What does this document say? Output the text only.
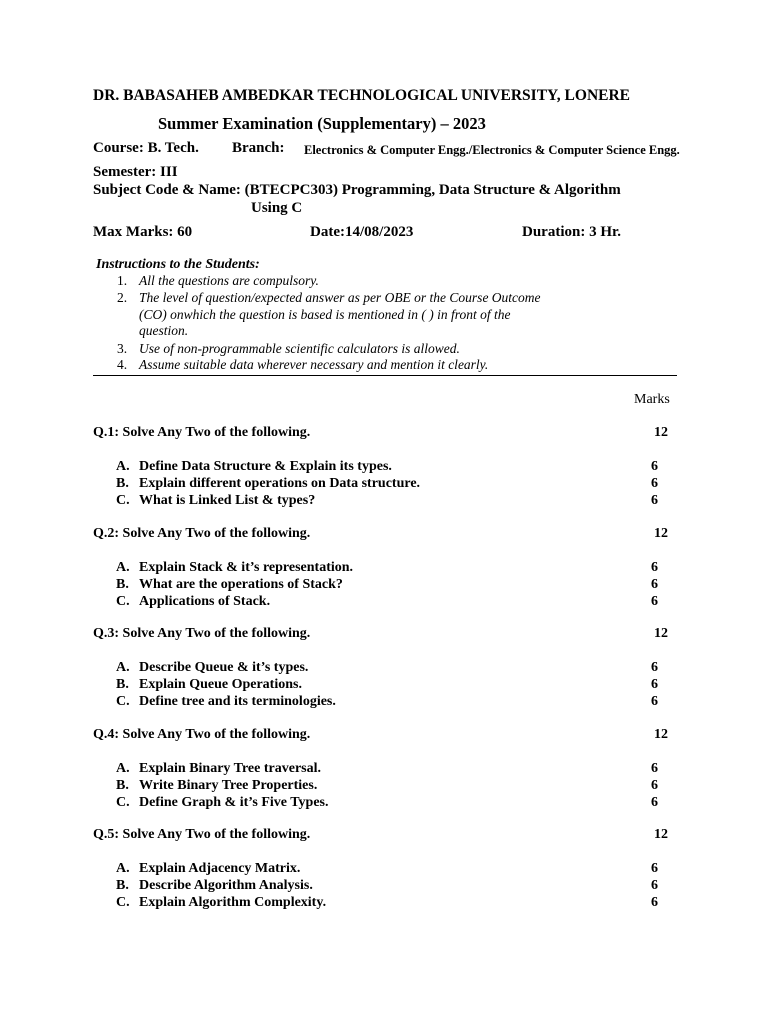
DR. BABASAHEB AMBEDKAR TECHNOLOGICAL UNIVERSITY, LONERE
Summer Examination (Supplementary) – 2023
Course: B. Tech. Branch: Electronics & Computer Engg./Electronics & Computer Science Engg.
Semester: III
Subject Code & Name: (BTECPC303) Programming, Data Structure & Algorithm
Using C
Max Marks: 60	Date:14/08/2023	Duration: 3 Hr.
Instructions to the Students:
1. All the questions are compulsory.
2. The level of question/expected answer as per OBE or the Course Outcome
(CO) onwhich the question is based is mentioned in ( ) in front of the
question.
3. Use of non-programmable scientific calculators is allowed.
4. Assume suitable data wherever necessary and mention it clearly.
Marks
Q.1: Solve Any Two of the following.	12
A. Define Data Structure & Explain its types.	6
B. Explain different operations on Data structure.	6
C. What is Linked List & types?	6
Q.2: Solve Any Two of the following.	12
A. Explain Stack & it’s representation.	6
B. What are the operations of Stack?	6
C. Applications of Stack.	6
Q.3: Solve Any Two of the following.	12
A. Describe Queue & it’s types.	6
B. Explain Queue Operations.	6
C. Define tree and its terminologies.	6
Q.4: Solve Any Two of the following.	12
A. Explain Binary Tree traversal.	6
B. Write Binary Tree Properties.	6
C. Define Graph & it’s Five Types.	6
Q.5: Solve Any Two of the following.	12
A. Explain Adjacency Matrix.	6
B. Describe Algorithm Analysis.	6
C. Explain Algorithm Complexity.	6
